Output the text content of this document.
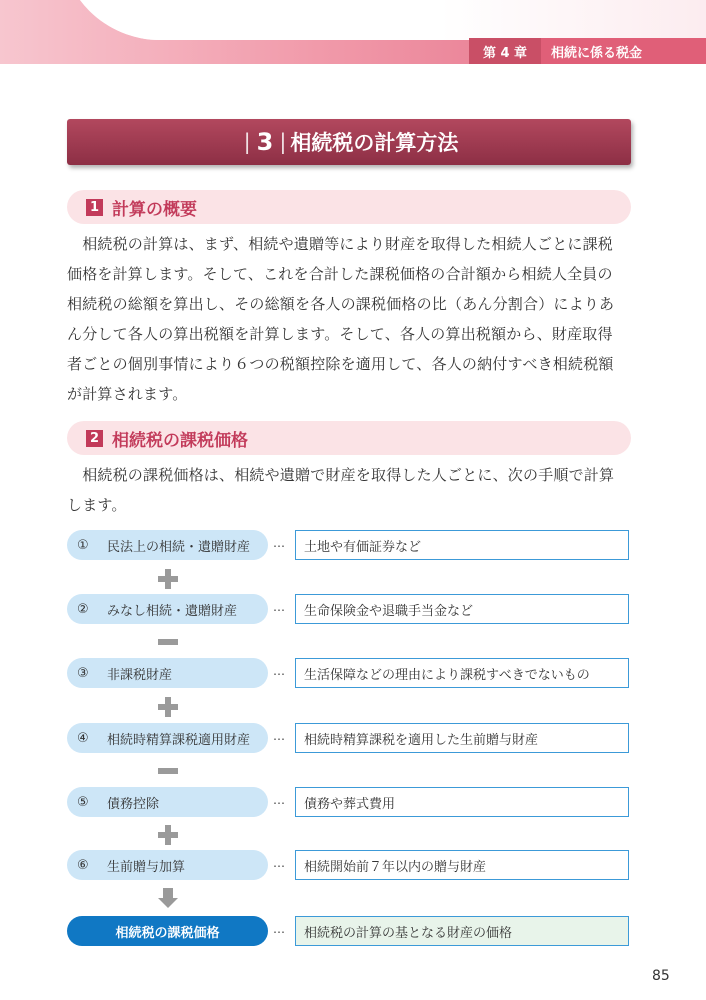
第 4 章	相続に係る税金
| 3 | 相続税の計算方法
1 計算の概要
　相続税の計算は、まず、相続や遺贈等により財産を取得した相続人ごとに課税
価格を計算します。そして、これを合計した課税価格の合計額から相続人全員の
相続税の総額を算出し、その総額を各人の課税価格の比（あん分割合）によりあ
ん分して各人の算出税額を計算します。そして、各人の算出税額から、財産取得
者ごとの個別事情により６つの税額控除を適用して、各人の納付すべき相続税額
が計算されます。
2 相続税の課税価格
　相続税の課税価格は、相続や遺贈で財産を取得した人ごとに、次の手順で計算
します。
①	民法上の相続・遺贈財産 …	土地や有価証券など
②	みなし相続・遺贈財産	…	生命保険金や退職手当金など
③	非課税財産	…	生活保障などの理由により課税すべきでないもの
④	相続時精算課税適用財産 …	相続時精算課税を適用した生前贈与財産
⑤	債務控除	…	債務や葬式費用
⑥	生前贈与加算	…	相続開始前７年以内の贈与財産
相続税の課税価格	…	相続税の計算の基となる財産の価格
85
